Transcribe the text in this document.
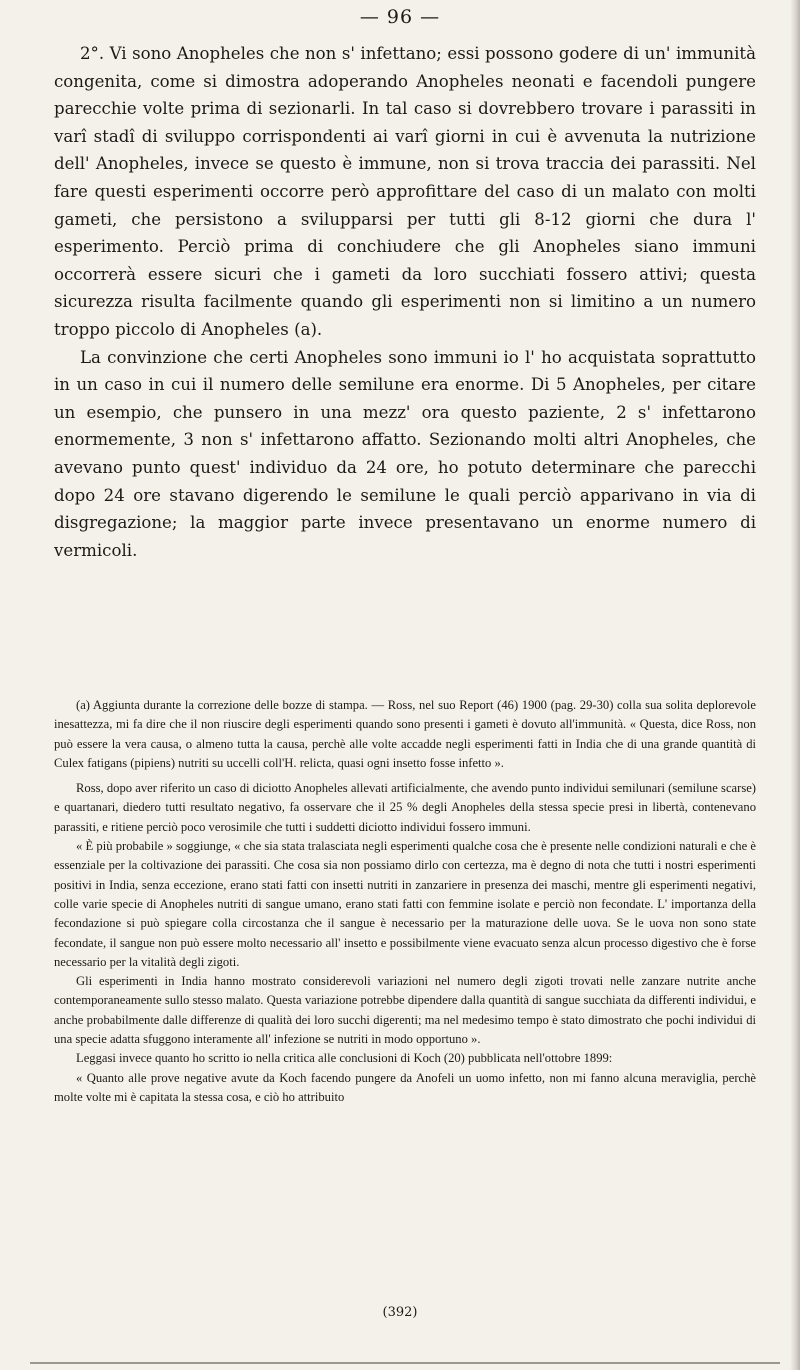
— 96 —

2°. Vi sono Anopheles che non s' infettano; essi possono godere di un' immunità congenita, come si dimostra adoperando Anopheles neonati e facendoli pungere parecchie volte prima di sezionarli. In tal caso si dovrebbero trovare i parassiti in varî stadî di sviluppo corrispondenti ai varî giorni in cui è avvenuta la nutrizione dell' Anopheles, invece se questo è immune, non si trova traccia dei parassiti. Nel fare questi esperimenti occorre però approfittare del caso di un malato con molti gameti, che persistono a svilupparsi per tutti gli 8-12 giorni che dura l' esperimento. Perciò prima di conchiudere che gli Anopheles siano immuni occorrerà essere sicuri che i gameti da loro succhiati fossero attivi; questa sicurezza risulta facilmente quando gli esperimenti non si limitino a un numero troppo piccolo di Anopheles (a).

La convinzione che certi Anopheles sono immuni io l' ho acquistata soprattutto in un caso in cui il numero delle semilune era enorme. Di 5 Anopheles, per citare un esempio, che punsero in una mezz' ora questo paziente, 2 s' infettarono enormemente, 3 non s' infettarono affatto. Sezionando molti altri Anopheles, che avevano punto quest' individuo da 24 ore, ho potuto determinare che parecchi dopo 24 ore stavano digerendo le semilune le quali perciò apparivano in via di disgregazione; la maggior parte invece presentavano un enorme numero di vermicoli.

(a) Aggiunta durante la correzione delle bozze di stampa. — Ross, nel suo Report (46) 1900 (pag. 29-30) colla sua solita deplorevole inesattezza, mi fa dire che il non riuscire degli esperimenti quando sono presenti i gameti è dovuto all'immunità. « Questa, dice Ross, non può essere la vera causa, o almeno tutta la causa, perchè alle volte accadde negli esperimenti fatti in India che di una grande quantità di Culex fatigans (pipiens) nutriti su uccelli coll'H. relicta, quasi ogni insetto fosse infetto ».

Ross, dopo aver riferito un caso di diciotto Anopheles allevati artificialmente, che avendo punto individui semilunari (semilune scarse) e quartanari, diedero tutti resultato negativo, fa osservare che il 25 % degli Anopheles della stessa specie presi in libertà, contenevano parassiti, e ritiene perciò poco verosimile che tutti i suddetti diciotto individui fossero immuni.

« È più probabile » soggiunge, « che sia stata tralasciata negli esperimenti qualche cosa che è presente nelle condizioni naturali e che è essenziale per la coltivazione dei parassiti. Che cosa sia non possiamo dirlo con certezza, ma è degno di nota che tutti i nostri esperimenti positivi in India, senza eccezione, erano stati fatti con insetti nutriti in zanzariere in presenza dei maschi, mentre gli esperimenti negativi, colle varie specie di Anopheles nutriti di sangue umano, erano stati fatti con femmine isolate e perciò non fecondate. L' importanza della fecondazione si può spiegare colla circostanza che il sangue è necessario per la maturazione delle uova. Se le uova non sono state fecondate, il sangue non può essere molto necessario all' insetto e possibilmente viene evacuato senza alcun processo digestivo che è forse necessario per la vitalità degli zigoti.

Gli esperimenti in India hanno mostrato considerevoli variazioni nel numero degli zigoti trovati nelle zanzare nutrite anche contemporaneamente sullo stesso malato. Questa variazione potrebbe dipendere dalla quantità di sangue succhiata da differenti individui, e anche probabilmente dalle differenze di qualità dei loro succhi digerenti; ma nel medesimo tempo è stato dimostrato che pochi individui di una specie adatta sfuggono interamente all' infezione se nutriti in modo opportuno ».

Leggasi invece quanto ho scritto io nella critica alle conclusioni di Koch (20) pubblicata nell'ottobre 1899:

« Quanto alle prove negative avute da Koch facendo pungere da Anofeli un uomo infetto, non mi fanno alcuna meraviglia, perchè molte volte mi è capitata la stessa cosa, e ciò ho attribuito

(392)
